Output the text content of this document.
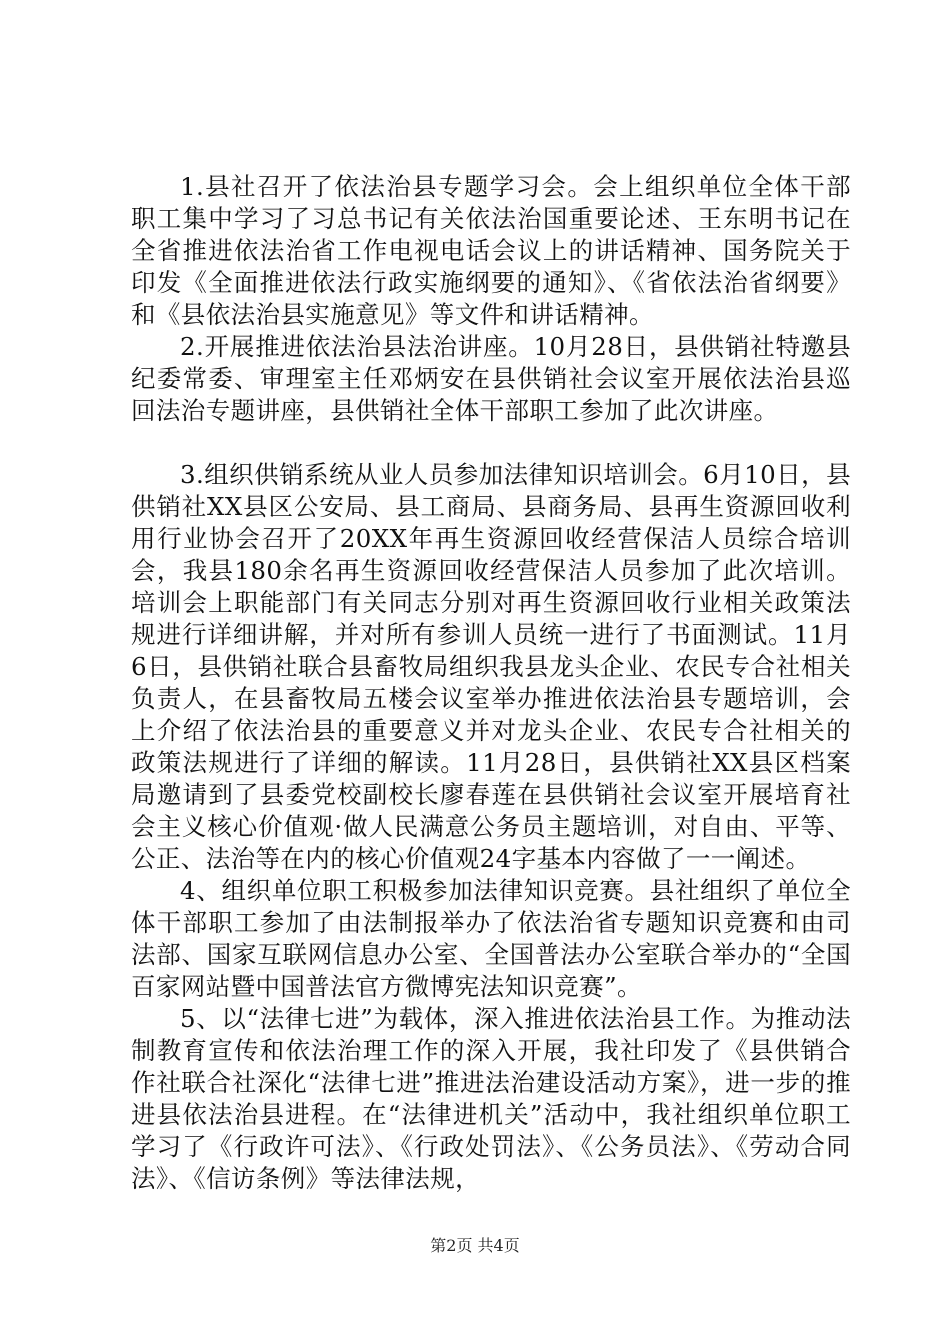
1.县社召开了依法治县专题学习会。会上组织单位全体干部职工集中学习了习总书记有关依法治国重要论述、王东明书记在全省推进依法治省工作电视电话会议上的讲话精神、国务院关于印发《全面推进依法行政实施纲要的通知》、《省依法治省纲要》和《县依法治县实施意见》等文件和讲话精神。

2.开展推进依法治县法治讲座。10月28日，县供销社特邀县纪委常委、审理室主任邓炳安在县供销社会议室开展依法治县巡回法治专题讲座，县供销社全体干部职工参加了此次讲座。

3.组织供销系统从业人员参加法律知识培训会。6月10日，县供销社XX县区公安局、县工商局、县商务局、县再生资源回收利用行业协会召开了20XX年再生资源回收经营保洁人员综合培训会，我县180余名再生资源回收经营保洁人员参加了此次培训。培训会上职能部门有关同志分别对再生资源回收行业相关政策法规进行详细讲解，并对所有参训人员统一进行了书面测试。11月6日，县供销社联合县畜牧局组织我县龙头企业、农民专合社相关负责人，在县畜牧局五楼会议室举办推进依法治县专题培训，会上介绍了依法治县的重要意义并对龙头企业、农民专合社相关的政策法规进行了详细的解读。11月28日，县供销社XX县区档案局邀请到了县委党校副校长廖春莲在县供销社会议室开展培育社会主义核心价值观·做人民满意公务员主题培训，对自由、平等、公正、法治等在内的核心价值观24字基本内容做了一一阐述。

4、组织单位职工积极参加法律知识竞赛。县社组织了单位全体干部职工参加了由法制报举办了依法治省专题知识竞赛和由司法部、国家互联网信息办公室、全国普法办公室联合举办的“全国百家网站暨中国普法官方微博宪法知识竞赛”。

5、以“法律七进”为载体，深入推进依法治县工作。为推动法制教育宣传和依法治理工作的深入开展，我社印发了《县供销合作社联合社深化“法律七进”推进法治建设活动方案》，进一步的推进县依法治县进程。在“法律进机关”活动中，我社组织单位职工学习了《行政许可法》、《行政处罚法》、《公务员法》、《劳动合同法》、《信访条例》等法律法规，

第2页 共4页
